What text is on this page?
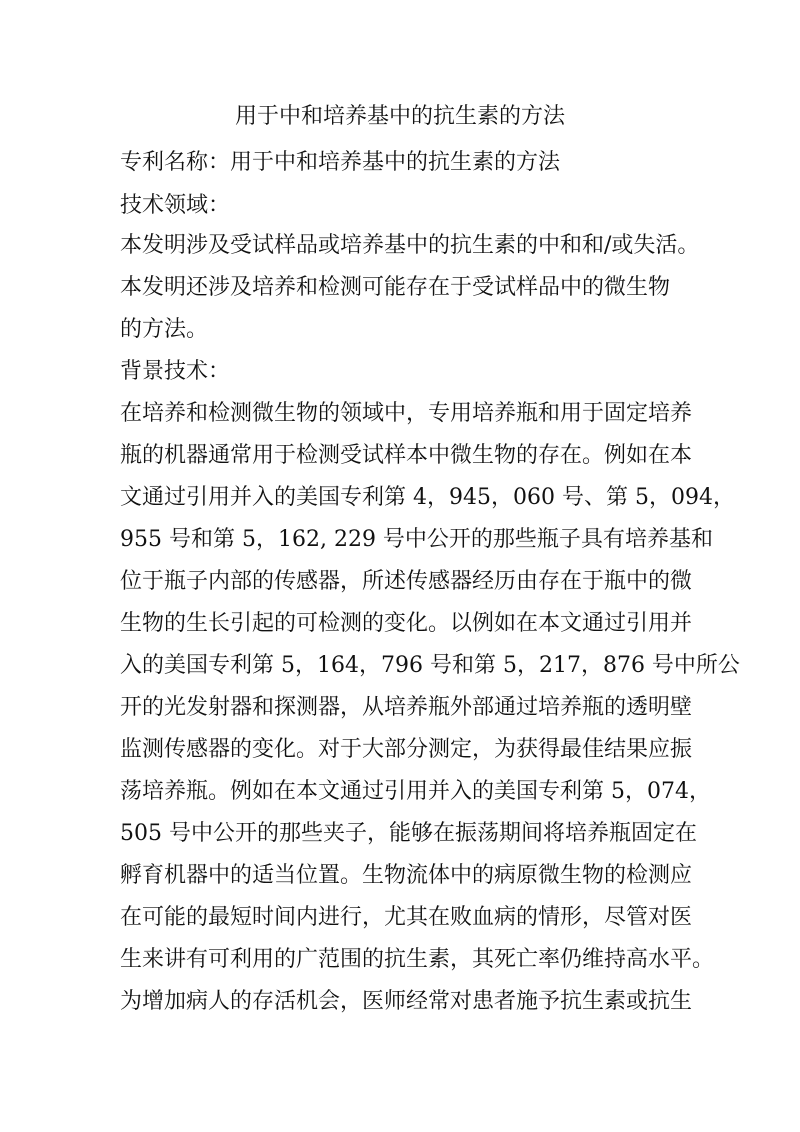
用于中和培养基中的抗生素的方法
专利名称：用于中和培养基中的抗生素的方法
技术领域：
本发明涉及受试样品或培养基中的抗生素的中和和/或失活。
本发明还涉及培养和检测可能存在于受试样品中的微生物
的方法。
背景技术：
在培养和检测微生物的领域中，专用培养瓶和用于固定培养
瓶的机器通常用于检测受试样本中微生物的存在。例如在本
文通过引用并入的美国专利第 4，945，060 号、第 5，094，
955 号和第 5，162, 229 号中公开的那些瓶子具有培养基和
位于瓶子内部的传感器，所述传感器经历由存在于瓶中的微
生物的生长引起的可检测的变化。以例如在本文通过引用并
入的美国专利第 5，164，796 号和第 5，217，876 号中所公
开的光发射器和探测器，从培养瓶外部通过培养瓶的透明壁
监测传感器的变化。对于大部分测定，为获得最佳结果应振
荡培养瓶。例如在本文通过引用并入的美国专利第 5，074，
505 号中公开的那些夹子，能够在振荡期间将培养瓶固定在
孵育机器中的适当位置。生物流体中的病原微生物的检测应
在可能的最短时间内进行，尤其在败血病的情形，尽管对医
生来讲有可利用的广范围的抗生素，其死亡率仍维持高水平。
为增加病人的存活机会，医师经常对患者施予抗生素或抗生
